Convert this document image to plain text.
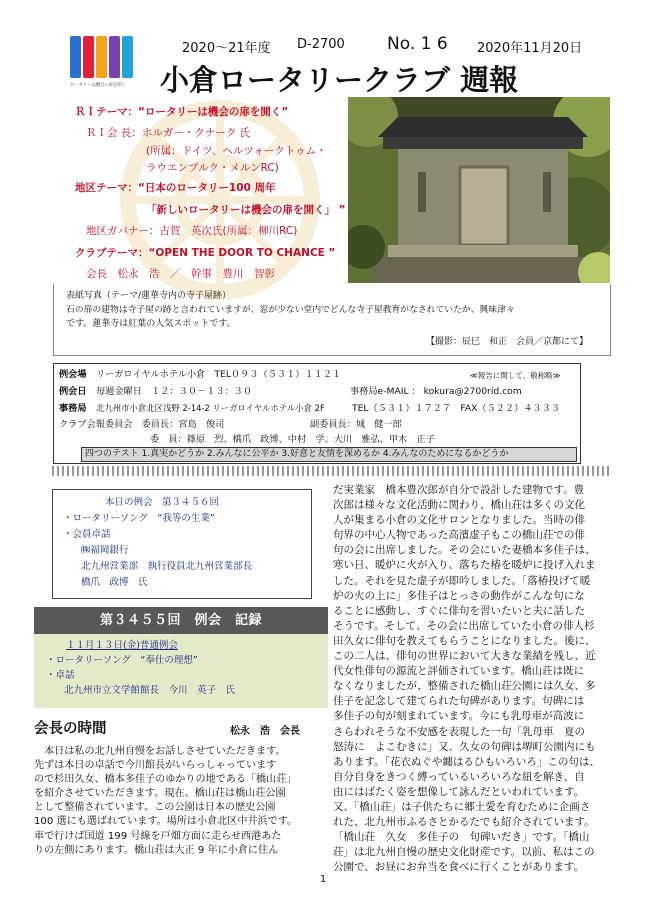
ロータリーは機会の扉を開く
2020～21年度 D-2700 No. 1 6 2020年11月20日
小倉ロータリークラブ 週報
ＲＩテーマ：“ロータリーは機会の扉を開く”
ＲＩ会 長：ホルガー・クナーク 氏
(所属：ドイツ、ヘルツォークトゥム・
ラウエンブルク・メルンRC)
地区テーマ：“日本のロータリー100 周年
「新しいロータリーは機会の扉を開く」 ”
地区ガバナー：古賀　英次氏(所属：柳川RC)
クラブテーマ：“OPEN THE DOOR TO CHANCE ”
会長　松永　浩　／　幹事　豊川　智彰
表紙写真（テーマ/蓮華寺内の寺子屋跡）
石の扉の建物は寺子屋の跡と言われていますが、窓が少ない堂内でどんな寺子屋教育がなされていたか、興味津々
です。蓮華寺は紅葉の人気スポットです。
【撮影：辰巳　和正　会員／京都にて】
例会場 リーガロイヤルホテル小倉　TEL０９３（５３１）１１２１	≪報告に関して、敬称略≫
例会日 毎週金曜日　１２：３０－１３：３０	事務局e-MAIL ： kokura@2700rid.com
事務局 北九州市小倉北区浅野 2-14-2 リーガロイヤルホテル小倉 2F	TEL（５３１）１７２７　FAX（５２２）４３３３
クラブ会報委員会　委員長：宮島　俊司	副委員長：城　健一郎
委　員：篠原　烈、橋爪　政博、中村　学、大川　雅弘、甲木　正子
四つのテスト 1.真実かどうか 2.みんなに公平か 3.好意と友情を深めるか 4.みんなのためになるかどうか
本日の例会　第３４５６回
・ロータリーソング　“我等の生業”
・会員卓話
㈱福岡銀行
北九州営業部　執行役員北九州営業部長
橋爪　政博　氏
第３４５５回　例会　記録
１１月１３日(金)普通例会
・ロータリーソング　“奉仕の理想”
・卓話
北九州市立文学館館長　今川　英子　氏
会長の時間	松永　浩　会長
　本日は私の北九州自慢をお話しさせていただきます。
先ずは本日の卓話で今川館長がいらっしゃっています
ので杉田久女、橋本多佳子のゆかりの地である「橋山荘」
を紹介させていただきます。現在、橋山荘は橋山荘公園
として整備されています。この公園は日本の歴史公園
100 選にも選ばれています。場所は小倉北区中井浜です。
車で行けば国道 199 号線を戸畑方面に走らせ西港あた
りの左側にあります。橋山荘は大正 9 年に小倉に住ん
だ実業家　橋本豊次郎が自分で設計した建物です。豊
次郎は様々な文化活動に関わり、橋山荘は多くの文化
人が集まる小倉の文化サロンとなりました。当時の俳
句界の中心人物であった高濱虚子もこの橋山荘での俳
句の会に出席しました。その会にいた妻橋本多佳子は、
寒い日、暖炉に火が入り、落ちた椿を暖炉に投げ入れま
した。それを見た虚子が即吟しました。「落椿投げて暖
炉の火の上に」多佳子はとっさの動作がこんな句にな
ることに感動し、すぐに俳句を習いたいと夫に話した
そうです。そして、その会に出席していた小倉の俳人杉
田久女に俳句を教えてもらうことになりました。後に、
この二人は、俳句の世界において大きな業績を残し、近
代女性俳句の源流と評価されています。橋山荘は既に
なくなりましたが、整備された橋山荘公園には久女、多
佳子を記念して建てられた句碑があります。句碑には
多佳子の句が刻まれています。今にも乳母車が高波に
さらわれそうな不安感を表現した一句「乳母車　夏の
怒涛に　よこむきに」又、久女の句碑は堺町公園内にも
あります。「花衣ぬぐや纏はるひもいろいろ」この句は、
自分自身をきつく縛っているいろいろな紐を解き、自
由にはばたく姿を想像して詠んだといわれています。
又、「橋山荘」は子供たちに郷土愛を育むために企画さ
れた、北九州市ふるさとかるたでも紹介されています。
「橋山荘　久女　多佳子の　句碑いだき」です。「橋山
荘」は北九州自慢の歴史文化財産です。以前、私はこの
公園で、お昼にお弁当を食べに行くことがあります。
1
